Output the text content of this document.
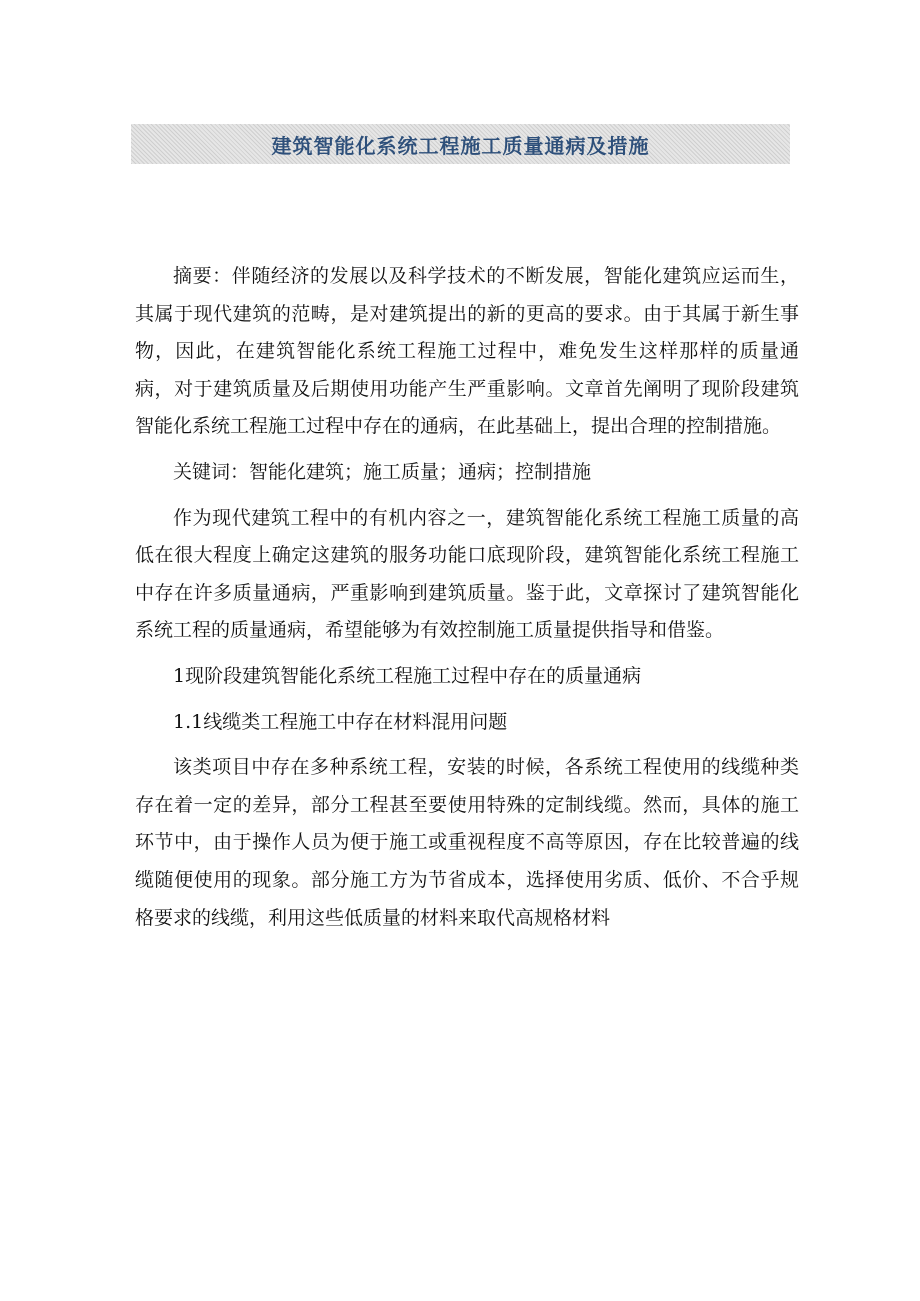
建筑智能化系统工程施工质量通病及措施

摘要：伴随经济的发展以及科学技术的不断发展，智能化建筑应运而生，其属于现代建筑的范畴，是对建筑提出的新的更高的要求。由于其属于新生事物，因此，在建筑智能化系统工程施工过程中，难免发生这样那样的质量通病，对于建筑质量及后期使用功能产生严重影响。文章首先阐明了现阶段建筑智能化系统工程施工过程中存在的通病，在此基础上，提出合理的控制措施。

关键词：智能化建筑；施工质量；通病；控制措施

作为现代建筑工程中的有机内容之一，建筑智能化系统工程施工质量的高低在很大程度上确定这建筑的服务功能口底现阶段，建筑智能化系统工程施工中存在许多质量通病，严重影响到建筑质量。鉴于此，文章探讨了建筑智能化系统工程的质量通病，希望能够为有效控制施工质量提供指导和借鉴。

1现阶段建筑智能化系统工程施工过程中存在的质量通病

1.1线缆类工程施工中存在材料混用问题

该类项目中存在多种系统工程，安装的时候，各系统工程使用的线缆种类存在着一定的差异，部分工程甚至要使用特殊的定制线缆。然而，具体的施工环节中，由于操作人员为便于施工或重视程度不高等原因，存在比较普遍的线缆随便使用的现象。部分施工方为节省成本，选择使用劣质、低价、不合乎规格要求的线缆，利用这些低质量的材料来取代高规格材料
